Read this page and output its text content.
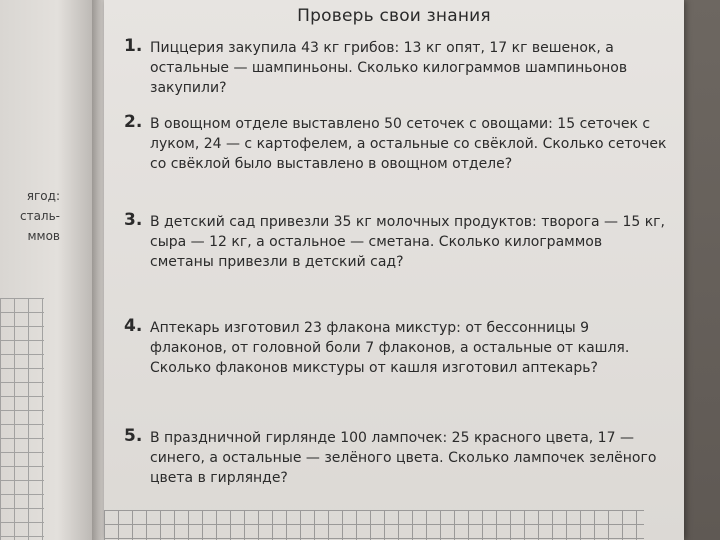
ягод:
сталь-
ммов
Проверь свои знания
1. Пиццерия закупила 43 кг грибов: 13 кг опят, 17 кг вешенок, а остальные — шампиньоны. Сколько килограммов шампиньонов закупили?
2. В овощном отделе выставлено 50 сеточек с овощами: 15 сеточек с луком, 24 — с картофелем, а остальные со свёклой. Сколько сеточек со свёклой было выставлено в овощном отделе?
3. В детский сад привезли 35 кг молочных продуктов: творога — 15 кг, сыра — 12 кг, а остальное — сметана. Сколько килограммов сметаны привезли в детский сад?
4. Аптекарь изготовил 23 флакона микстур: от бессонницы 9 флаконов, от головной боли 7 флаконов, а остальные от кашля. Сколько флаконов микстуры от кашля изготовил аптекарь?
5. В праздничной гирлянде 100 лампочек: 25 красного цвета, 17 — синего, а остальные — зелёного цвета. Сколько лампочек зелёного цвета в гирлянде?
